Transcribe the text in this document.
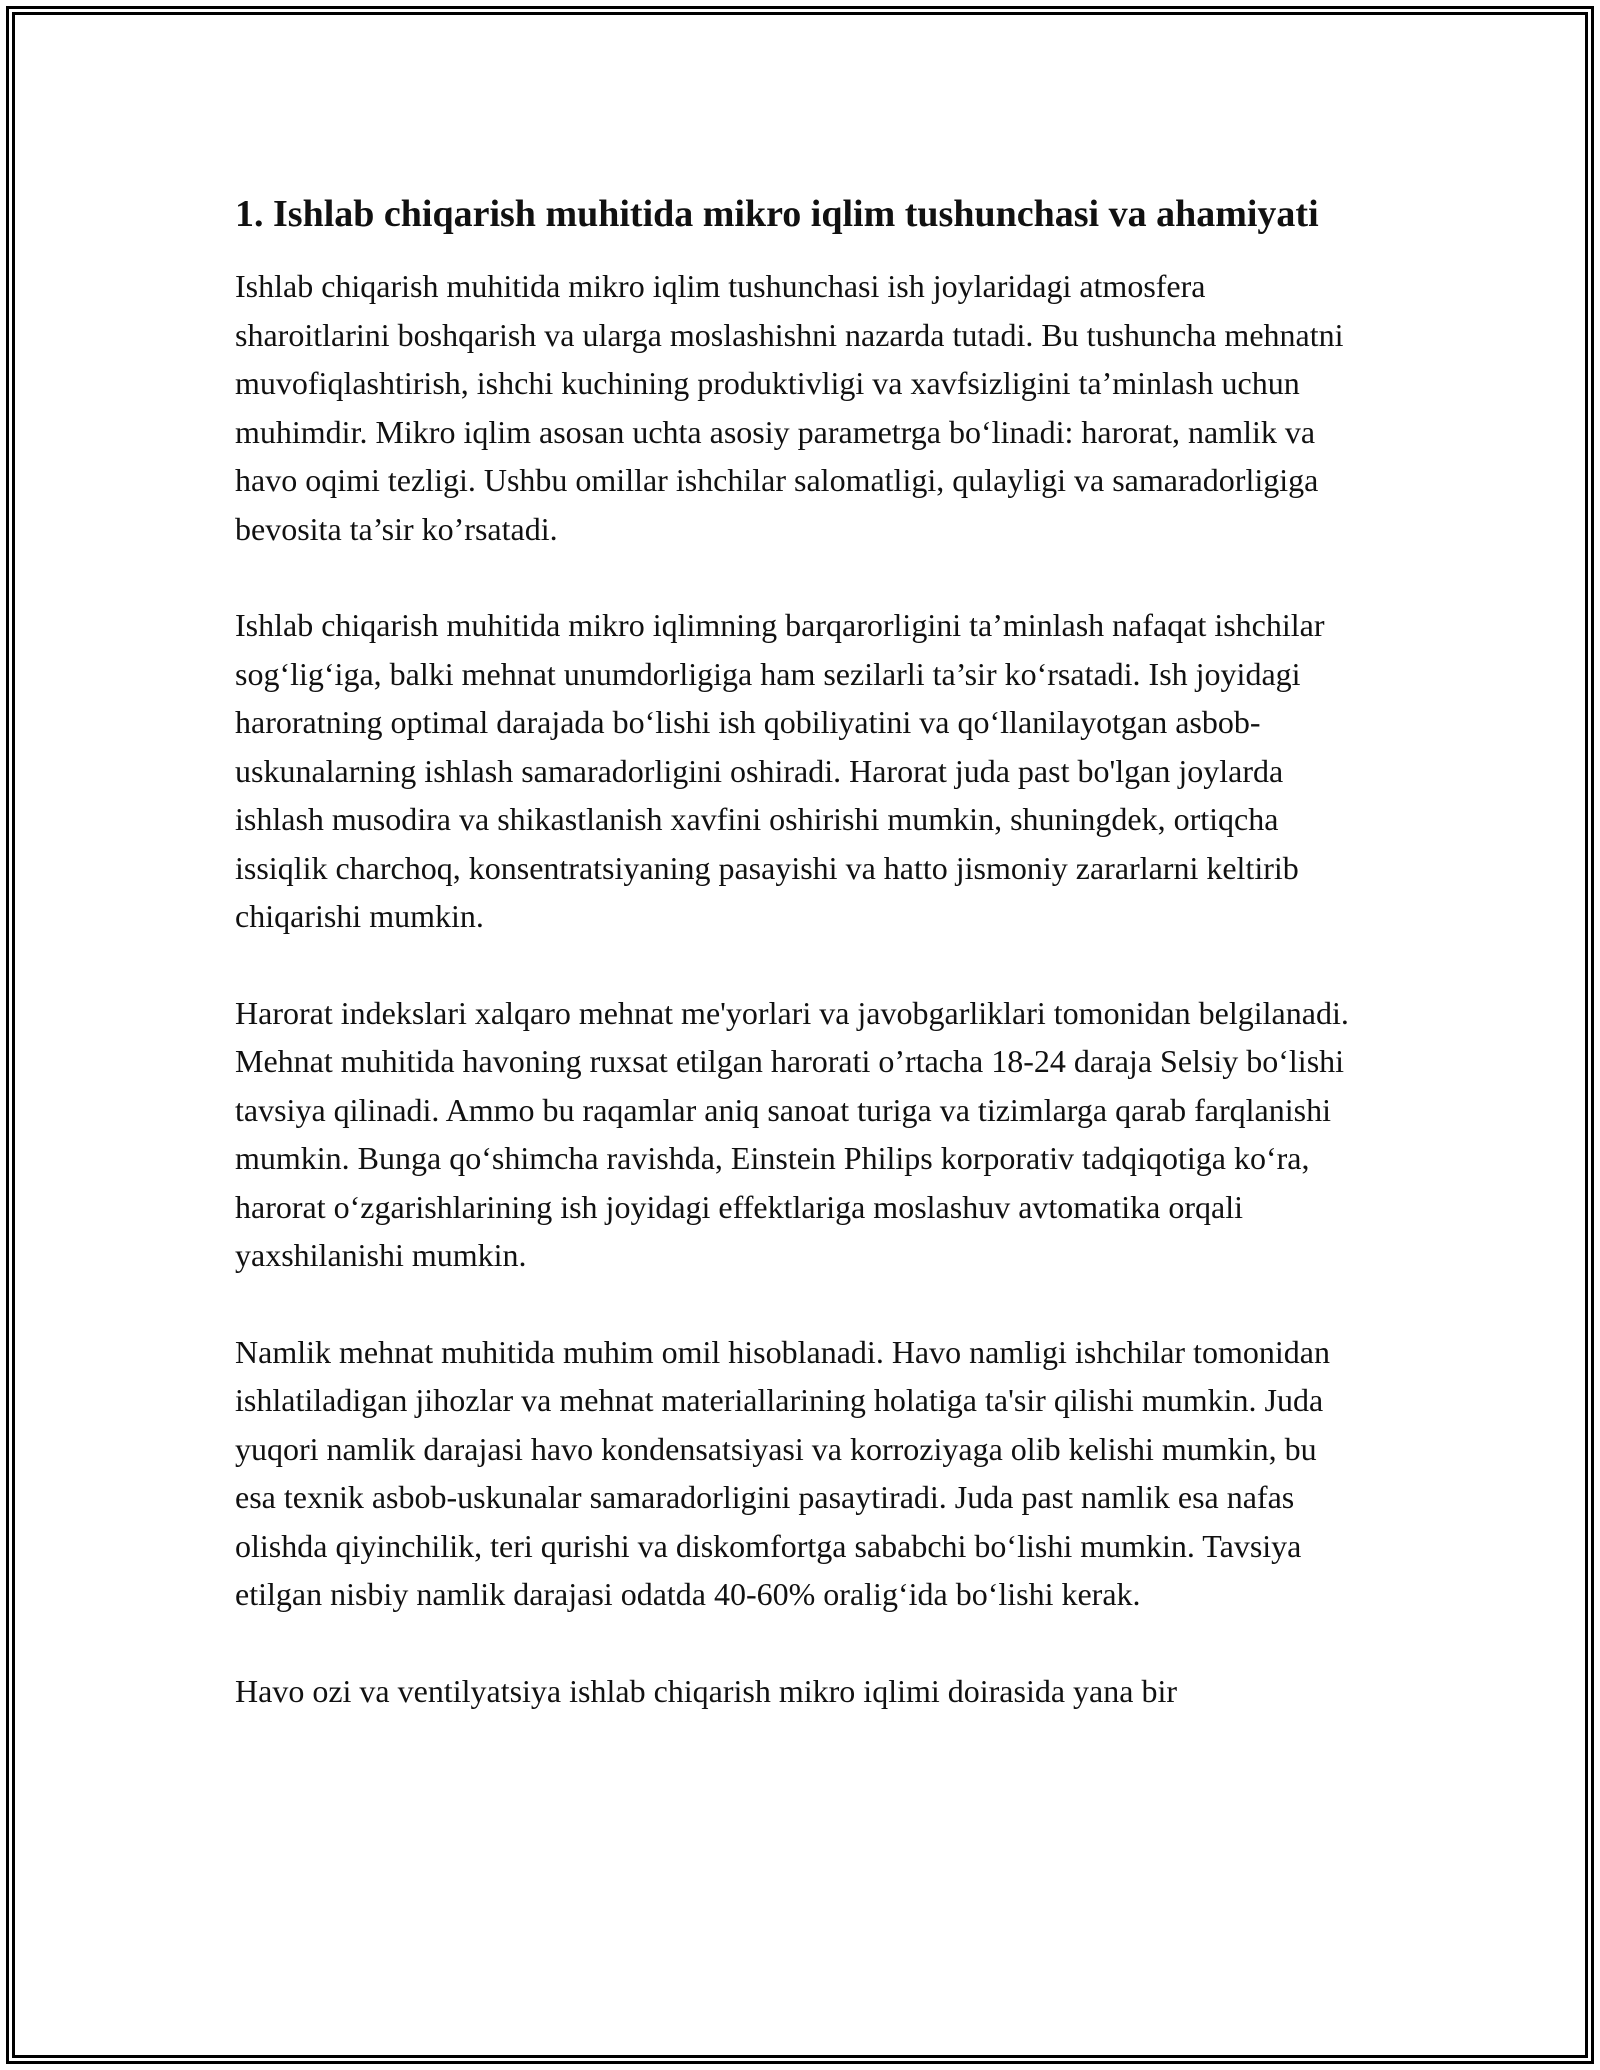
1. Ishlab chiqarish muhitida mikro iqlim tushunchasi va ahamiyati

Ishlab chiqarish muhitida mikro iqlim tushunchasi ish joylaridagi atmosfera sharoitlarini boshqarish va ularga moslashishni nazarda tutadi. Bu tushuncha mehnatni muvofiqlashtirish, ishchi kuchining produktivligi va xavfsizligini ta’minlash uchun muhimdir. Mikro iqlim asosan uchta asosiy parametrga bo‘linadi: harorat, namlik va havo oqimi tezligi. Ushbu omillar ishchilar salomatligi, qulayligi va samaradorligiga bevosita ta’sir ko’rsatadi.

Ishlab chiqarish muhitida mikro iqlimning barqarorligini ta’minlash nafaqat ishchilar sog‘lig‘iga, balki mehnat unumdorligiga ham sezilarli ta’sir ko‘rsatadi. Ish joyidagi haroratning optimal darajada bo‘lishi ish qobiliyatini va qo‘llanilayotgan asbob-uskunalarning ishlash samaradorligini oshiradi. Harorat juda past bo'lgan joylarda ishlash musodira va shikastlanish xavfini oshirishi mumkin, shuningdek, ortiqcha issiqlik charchoq, konsentratsiyaning pasayishi va hatto jismoniy zararlarni keltirib chiqarishi mumkin.

Harorat indekslari xalqaro mehnat me'yorlari va javobgarliklari tomonidan belgilanadi. Mehnat muhitida havoning ruxsat etilgan harorati o’rtacha 18-24 daraja Selsiy bo‘lishi tavsiya qilinadi. Ammo bu raqamlar aniq sanoat turiga va tizimlarga qarab farqlanishi mumkin. Bunga qo‘shimcha ravishda, Einstein Philips korporativ tadqiqotiga ko‘ra, harorat o‘zgarishlarining ish joyidagi effektlariga moslashuv avtomatika orqali yaxshilanishi mumkin.

Namlik mehnat muhitida muhim omil hisoblanadi. Havo namligi ishchilar tomonidan ishlatiladigan jihozlar va mehnat materiallarining holatiga ta'sir qilishi mumkin. Juda yuqori namlik darajasi havo kondensatsiyasi va korroziyaga olib kelishi mumkin, bu esa texnik asbob-uskunalar samaradorligini pasaytiradi. Juda past namlik esa nafas olishda qiyinchilik, teri qurishi va diskomfortga sababchi bo‘lishi mumkin. Tavsiya etilgan nisbiy namlik darajasi odatda 40-60% oralig‘ida bo‘lishi kerak.

Havo ozi va ventilyatsiya ishlab chiqarish mikro iqlimi doirasida yana bir
